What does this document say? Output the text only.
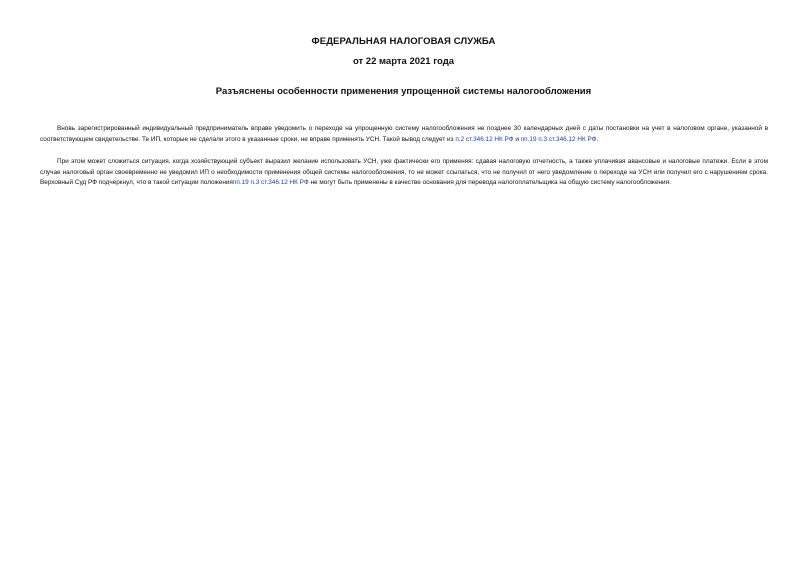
ФЕДЕРАЛЬНАЯ НАЛОГОВАЯ СЛУЖБА
от 22 марта 2021 года
Разъяснены особенности применения упрощенной системы налогообложения

Вновь зарегистрированный индивидуальный предприниматель вправе уведомить о переходе на упрощенную систему налогообложения не позднее 30 календарных дней с даты постановки на учет в налоговом органе, указанной в соответствующем свидетельстве. Те ИП, которые не сделали этого в указанные сроки, не вправе применять УСН. Такой вывод следует из п.2 ст.346.12 НК РФ и пп.19 п.3 ст.346.12 НК РФ.

При этом может сложиться ситуация, когда хозяйствующий субъект выразил желание использовать УСН, уже фактически его применяя: сдавая налоговую отчетность, а также уплачивая авансовые и налоговые платежи. Если в этом случае налоговый орган своевременно не уведомил ИП о необходимости применения общей системы налогообложения, то не может ссылаться, что не получил от него уведомление о переходе на УСН или получил его с нарушением срока. Верховный Суд РФ подчеркнул, что в такой ситуации положенияпп.19 п.3 ст.346.12 НК РФ не могут быть применены в качестве основания для перевода налогоплательщика на общую систему налогообложения.
